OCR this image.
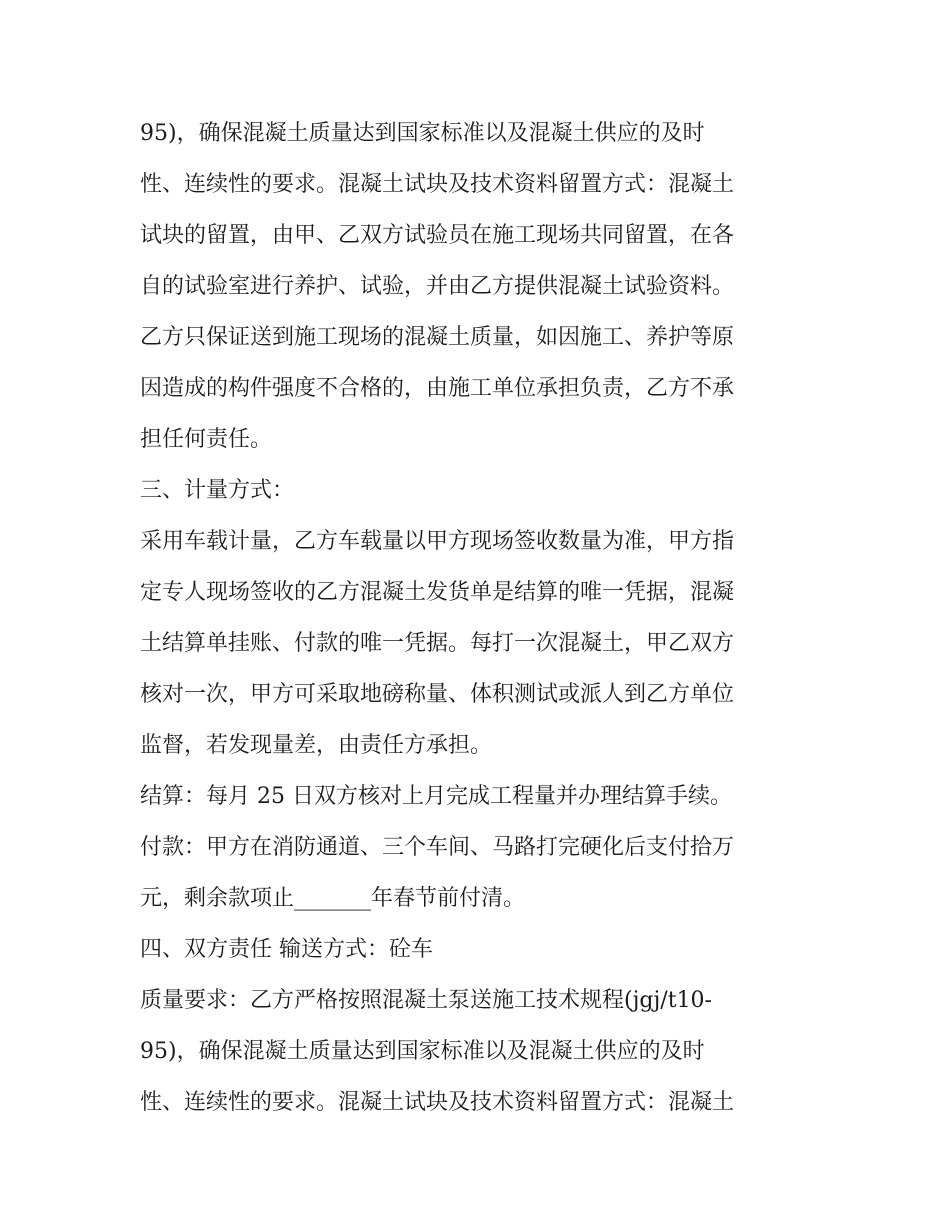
95)，确保混凝土质量达到国家标准以及混凝土供应的及时
性、连续性的要求。混凝土试块及技术资料留置方式：混凝土
试块的留置，由甲、乙双方试验员在施工现场共同留置，在各
自的试验室进行养护、试验，并由乙方提供混凝土试验资料。
乙方只保证送到施工现场的混凝土质量，如因施工、养护等原
因造成的构件强度不合格的，由施工单位承担负责，乙方不承
担任何责任。
三、计量方式：
采用车载计量，乙方车载量以甲方现场签收数量为准，甲方指
定专人现场签收的乙方混凝土发货单是结算的唯一凭据，混凝
土结算单挂账、付款的唯一凭据。每打一次混凝土，甲乙双方
核对一次，甲方可采取地磅称量、体积测试或派人到乙方单位
监督，若发现量差，由责任方承担。
结算：每月 25 日双方核对上月完成工程量并办理结算手续。
付款：甲方在消防通道、三个车间、马路打完硬化后支付拾万
元，剩余款项止_______年春节前付清。
四、双方责任 输送方式：砼车
质量要求：乙方严格按照混凝土泵送施工技术规程(jgj/t10-
95)，确保混凝土质量达到国家标准以及混凝土供应的及时
性、连续性的要求。混凝土试块及技术资料留置方式：混凝土
